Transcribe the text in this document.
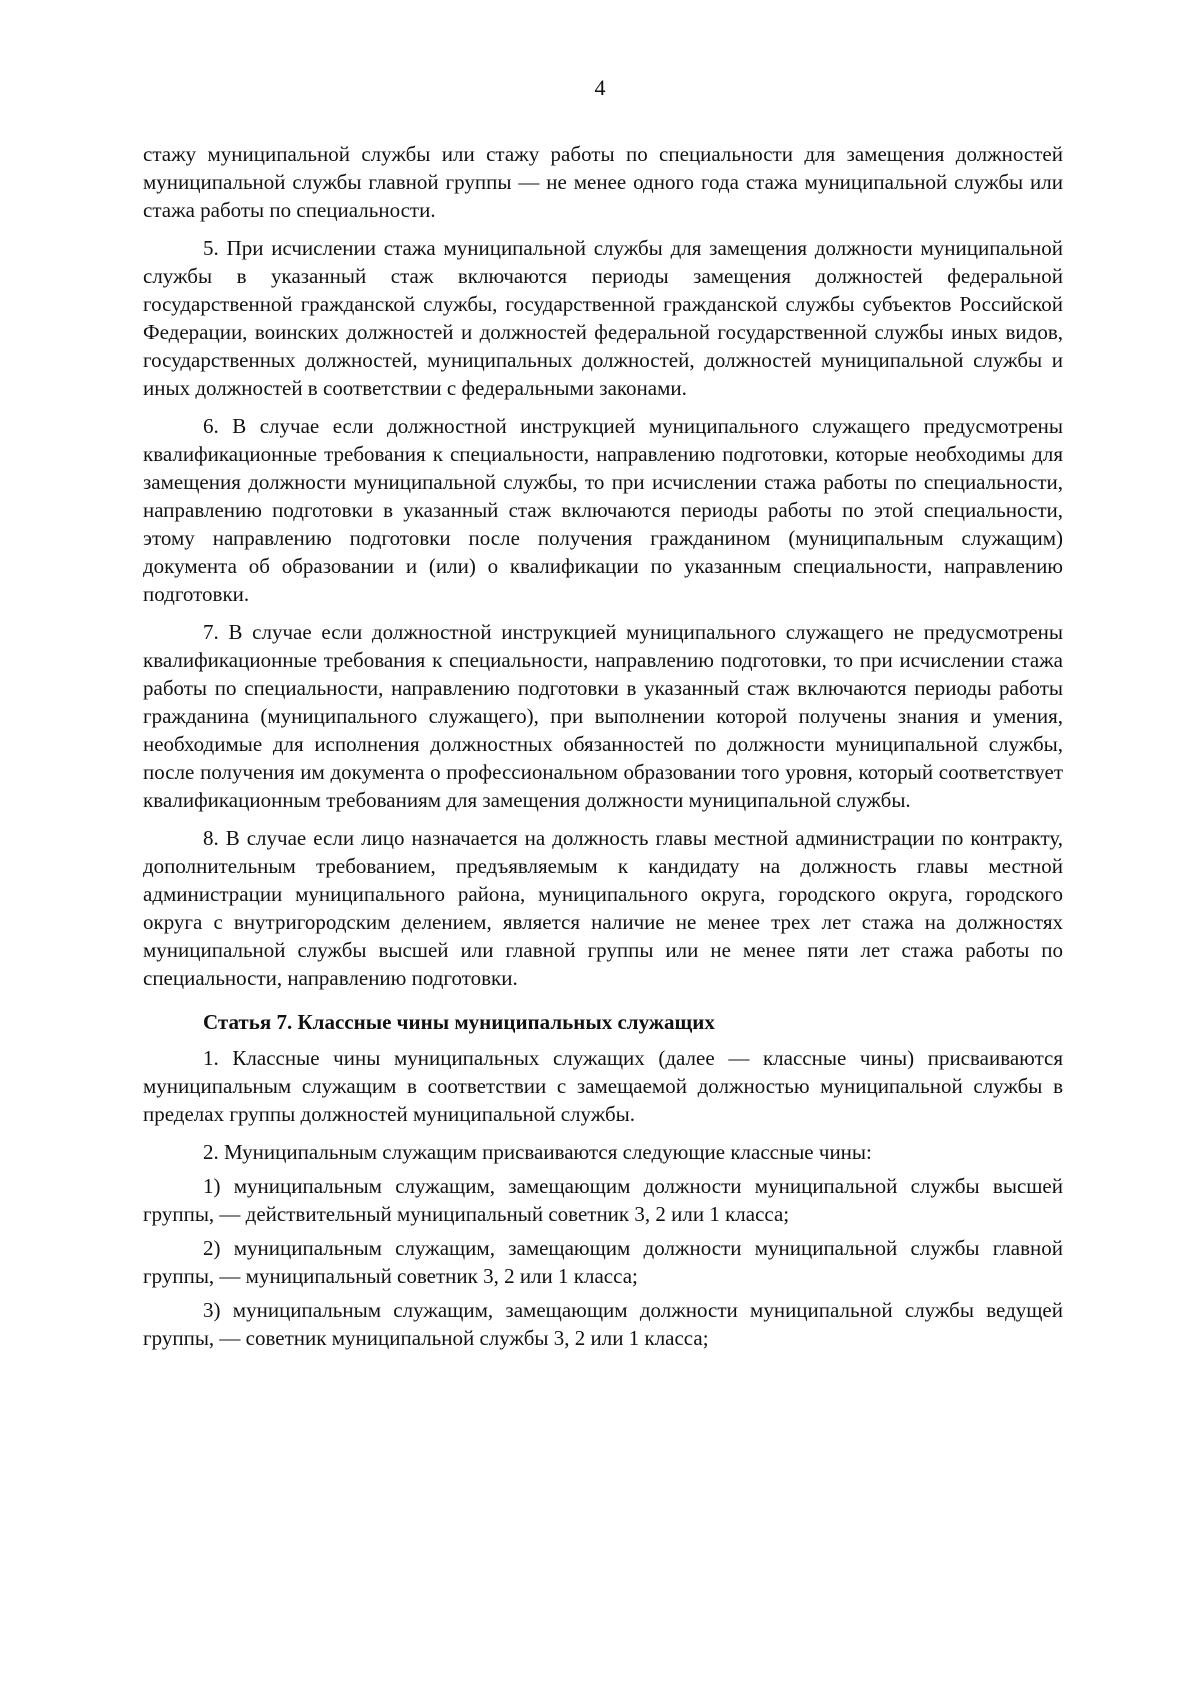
4

стажу муниципальной службы или стажу работы по специальности для замещения должностей муниципальной службы главной группы — не менее одного года стажа муниципальной службы или стажа работы по специальности.

5. При исчислении стажа муниципальной службы для замещения должности муниципальной службы в указанный стаж включаются периоды замещения должностей федеральной государственной гражданской службы, государственной гражданской службы субъектов Российской Федерации, воинских должностей и должностей федеральной государственной службы иных видов, государственных должностей, муниципальных должностей, должностей муниципальной службы и иных должностей в соответствии с федеральными законами.

6. В случае если должностной инструкцией муниципального служащего предусмотрены квалификационные требования к специальности, направлению подготовки, которые необходимы для замещения должности муниципальной службы, то при исчислении стажа работы по специальности, направлению подготовки в указанный стаж включаются периоды работы по этой специальности, этому направлению подготовки после получения гражданином (муниципальным служащим) документа об образовании и (или) о квалификации по указанным специальности, направлению подготовки.

7. В случае если должностной инструкцией муниципального служащего не предусмотрены квалификационные требования к специальности, направлению подготовки, то при исчислении стажа работы по специальности, направлению подготовки в указанный стаж включаются периоды работы гражданина (муниципального служащего), при выполнении которой получены знания и умения, необходимые для исполнения должностных обязанностей по должности муниципальной службы, после получения им документа о профессиональном образовании того уровня, который соответствует квалификационным требованиям для замещения должности муниципальной службы.

8. В случае если лицо назначается на должность главы местной администрации по контракту, дополнительным требованием, предъявляемым к кандидату на должность главы местной администрации муниципального района, муниципального округа, городского округа, городского округа с внутригородским делением, является наличие не менее трех лет стажа на должностях муниципальной службы высшей или главной группы или не менее пяти лет стажа работы по специальности, направлению подготовки.

Статья 7. Классные чины муниципальных служащих

1. Классные чины муниципальных служащих (далее — классные чины) присваиваются муниципальным служащим в соответствии с замещаемой должностью муниципальной службы в пределах группы должностей муниципальной службы.

2. Муниципальным служащим присваиваются следующие классные чины:

1) муниципальным служащим, замещающим должности муниципальной службы высшей группы, — действительный муниципальный советник 3, 2 или 1 класса;

2) муниципальным служащим, замещающим должности муниципальной службы главной группы, — муниципальный советник 3, 2 или 1 класса;

3) муниципальным служащим, замещающим должности муниципальной службы ведущей группы, — советник муниципальной службы 3, 2 или 1 класса;
